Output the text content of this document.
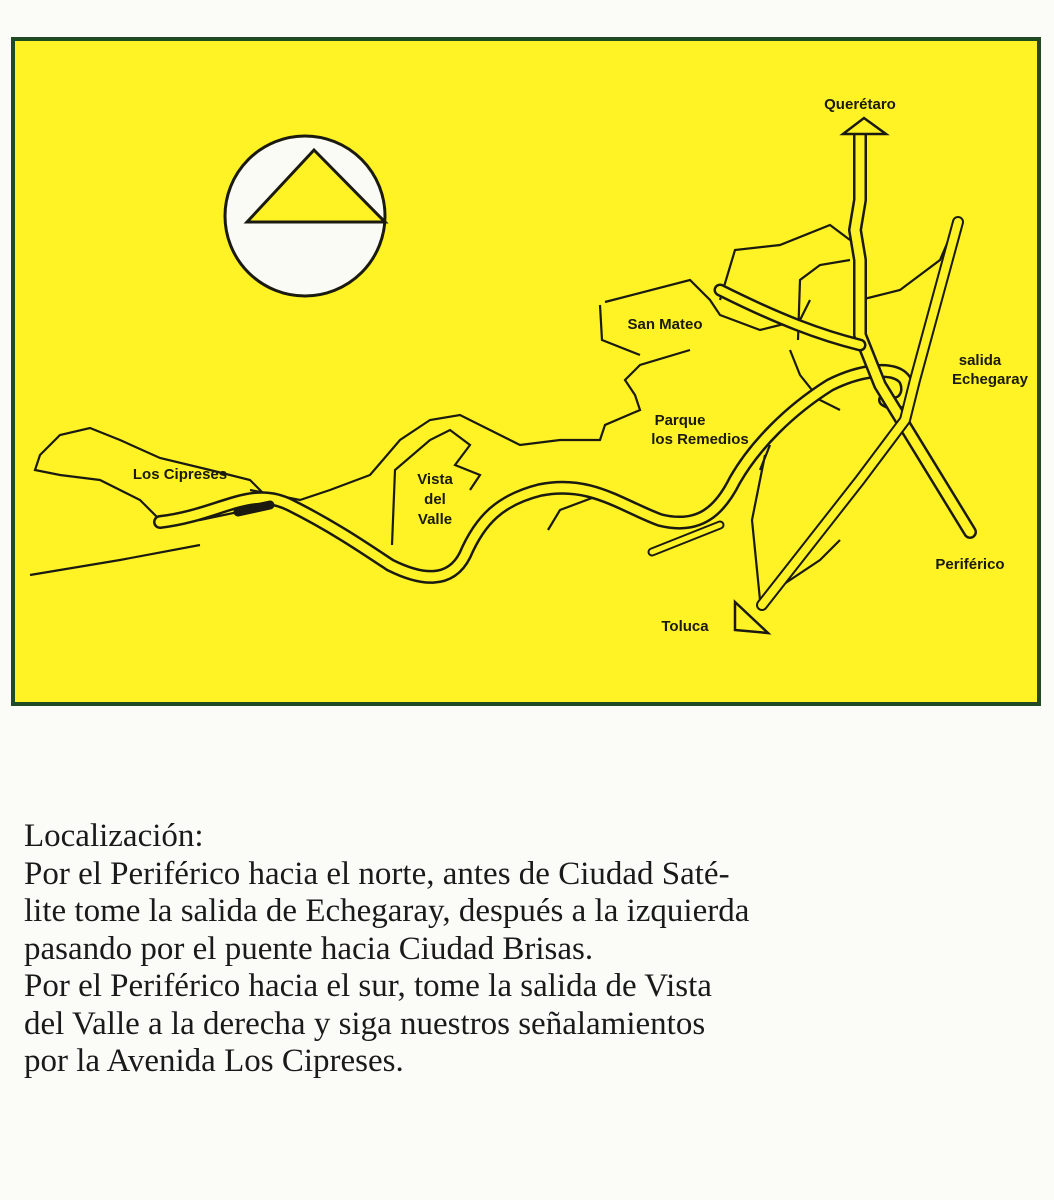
Querétaro
San Mateo
salida
Echegaray
Parque
los Remedios
Los Cipreses	Vista
del
Valle
Periférico
Toluca
Localización:
Por el Periférico hacia el norte, antes de Ciudad Saté-
lite tome la salida de Echegaray, después a la izquierda
pasando por el puente hacia Ciudad Brisas.
Por el Periférico hacia el sur, tome la salida de Vista
del Valle a la derecha y siga nuestros señalamientos
por la Avenida Los Cipreses.
